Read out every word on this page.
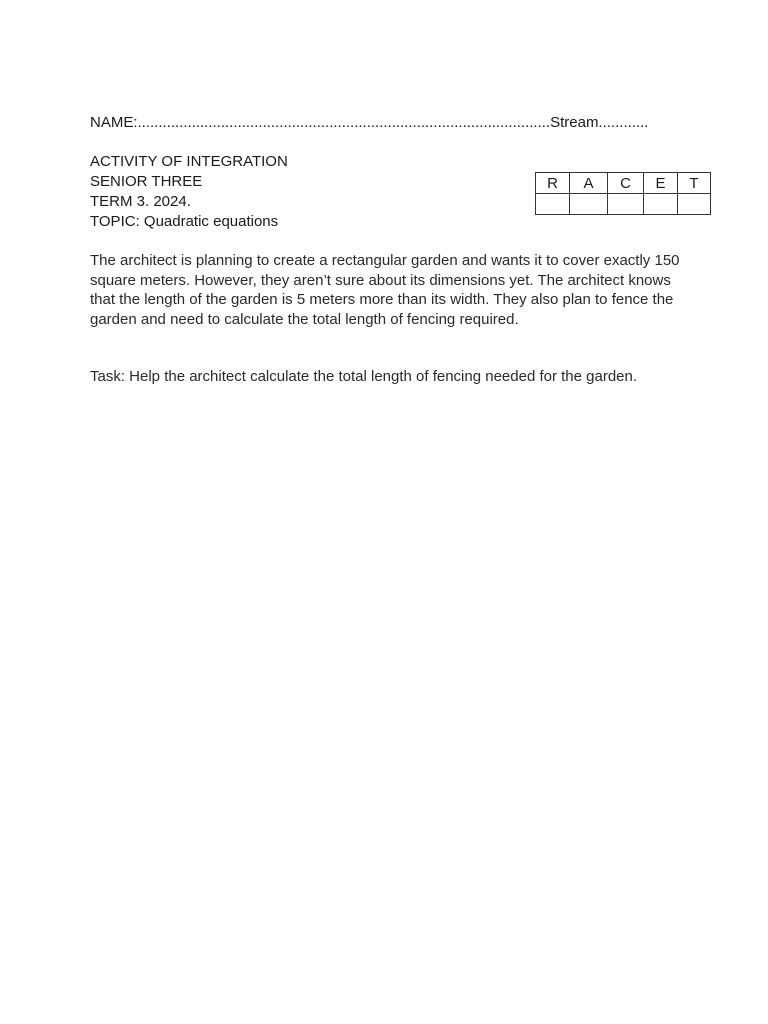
NAME:...................................................................................................Stream............
ACTIVITY OF INTEGRATION
SENIOR THREE
TERM 3. 2024.
TOPIC: Quadratic equations
R	A	C	E	T

The architect is planning to create a rectangular garden and wants it to cover exactly 150 square meters. However, they aren’t sure about its dimensions yet. The architect knows that the length of the garden is 5 meters more than its width. They also plan to fence the garden and need to calculate the total length of fencing required.

Task: Help the architect calculate the total length of fencing needed for the garden.
